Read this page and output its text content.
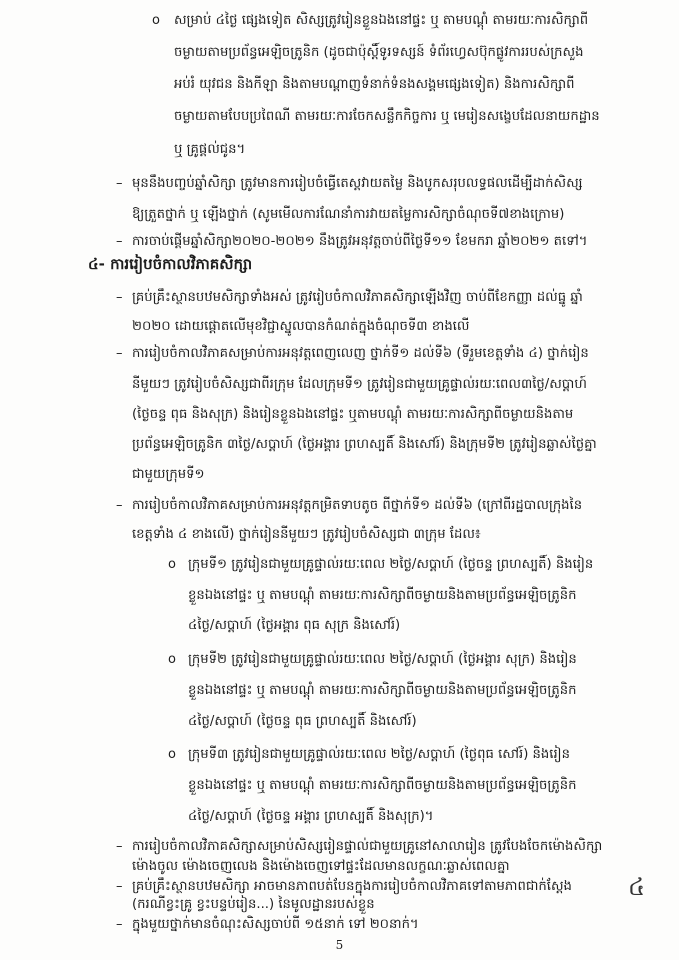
o សម្រាប់ ៤ថ្ងៃ ផ្សេងទៀត សិស្សត្រូវរៀនខ្លួនឯងនៅផ្ទះ ឬ តាមបណ្ដុំ តាមរយៈការសិក្សាពី
ចម្ងាយតាមប្រព័ន្ធអេឡិចត្រូនិក (ដូចជាប៉ុស្ដិ៍ទូរទស្សន៍ ទំព័រហ្វេសប៊ុកផ្លូវការរបស់ក្រសួង
អប់រំ យុវជន និងកីឡា និងតាមបណ្ដាញទំនាក់ទំនងសង្គមផ្សេងទៀត) និងការសិក្សាពី
ចម្ងាយតាមបែបប្រពៃណី តាមរយៈការចែកសន្លឹកកិច្ចការ ឬ មេរៀនសង្ខេបដែលនាយកដ្ឋាន
ឬ គ្រូផ្ដល់ជូន។
– មុននឹងបញ្ចប់ឆ្នាំសិក្សា ត្រូវមានការរៀបចំធ្វើតេស្ដវាយតម្លៃ និងបូកសរុបលទ្ធផលដើម្បីដាក់សិស្ស
ឱ្យត្រួតថ្នាក់ ឬ ឡើងថ្នាក់ (សូមមើលការណែនាំការវាយតម្លៃការសិក្សាចំណុចទី៧ខាងក្រោម)
– ការចាប់ផ្ដើមឆ្នាំសិក្សា២០២០-២០២១ នឹងត្រូវអនុវត្តចាប់ពីថ្ងៃទី១១ ខែមករា ឆ្នាំ២០២១ តទៅ។
៤- ការរៀបចំកាលវិភាគសិក្សា
– គ្រប់គ្រឹះស្ថានបឋមសិក្សាទាំងអស់ ត្រូវរៀបចំកាលវិភាគសិក្សាឡើងវិញ ចាប់ពីខែកញ្ញា ដល់ធ្នូ ឆ្នាំ
២០២០ ដោយផ្ដោតលើមុខវិជ្ជាស្នូលបានកំណត់ក្នុងចំណុចទី៣ ខាងលើ
– ការរៀបចំកាលវិភាគសម្រាប់ការអនុវត្តពេញលេញ ថ្នាក់ទី១ ដល់ទី៦ (ទីរួមខេត្តទាំង ៤) ថ្នាក់រៀន
នីមួយៗ ត្រូវរៀបចំសិស្សជាពីរក្រុម ដែលក្រុមទី១ ត្រូវរៀនជាមួយគ្រូផ្ទាល់រយៈពេល៣ថ្ងៃ/សប្ដាហ៍
(ថ្ងៃចន្ទ ពុធ និងសុក្រ) និងរៀនខ្លួនឯងនៅផ្ទះ ឬតាមបណ្ដុំ តាមរយៈការសិក្សាពីចម្ងាយនិងតាម
ប្រព័ន្ធអេឡិចត្រូនិក ៣ថ្ងៃ/សប្ដាហ៍ (ថ្ងៃអង្គារ ព្រហស្បតិ៍ និងសៅរ៍) និងក្រុមទី២ ត្រូវរៀនឆ្លាស់ថ្ងៃគ្នា
ជាមួយក្រុមទី១
– ការរៀបចំកាលវិភាគសម្រាប់ការអនុវត្តកម្រិតទាបតូច ពីថ្នាក់ទី១ ដល់ទី៦ (ក្រៅពីរដ្ឋបាលក្រុងនៃ
ខេត្តទាំង ៤ ខាងលើ) ថ្នាក់រៀននីមួយៗ ត្រូវរៀបចំសិស្សជា ៣ក្រុម ដែល៖
o ក្រុមទី១ ត្រូវរៀនជាមួយគ្រូផ្ទាល់រយៈពេល ២ថ្ងៃ/សប្ដាហ៍ (ថ្ងៃចន្ទ ព្រហស្បតិ៍) និងរៀន
ខ្លួនឯងនៅផ្ទះ ឬ តាមបណ្ដុំ តាមរយៈការសិក្សាពីចម្ងាយនិងតាមប្រព័ន្ធអេឡិចត្រូនិក
៤ថ្ងៃ/សប្ដាហ៍ (ថ្ងៃអង្គារ ពុធ សុក្រ និងសៅរ៍)
o ក្រុមទី២ ត្រូវរៀនជាមួយគ្រូផ្ទាល់រយៈពេល ២ថ្ងៃ/សប្ដាហ៍ (ថ្ងៃអង្គារ សុក្រ) និងរៀន
ខ្លួនឯងនៅផ្ទះ ឬ តាមបណ្ដុំ តាមរយៈការសិក្សាពីចម្ងាយនិងតាមប្រព័ន្ធអេឡិចត្រូនិក
៤ថ្ងៃ/សប្ដាហ៍ (ថ្ងៃចន្ទ ពុធ ព្រហស្បតិ៍ និងសៅរ៍)
o ក្រុមទី៣ ត្រូវរៀនជាមួយគ្រូផ្ទាល់រយៈពេល ២ថ្ងៃ/សប្ដាហ៍ (ថ្ងៃពុធ សៅរ៍) និងរៀន
ខ្លួនឯងនៅផ្ទះ ឬ តាមបណ្ដុំ តាមរយៈការសិក្សាពីចម្ងាយនិងតាមប្រព័ន្ធអេឡិចត្រូនិក
៤ថ្ងៃ/សប្ដាហ៍ (ថ្ងៃចន្ទ អង្គារ ព្រហស្បតិ៍ និងសុក្រ)។
– ការរៀបចំកាលវិភាគសិក្សាសម្រាប់សិស្សរៀនផ្ទាល់ជាមួយគ្រូនៅសាលារៀន ត្រូវបែងចែកម៉ោងសិក្សា
ម៉ោងចូល ម៉ោងចេញលេង និងម៉ោងចេញទៅផ្ទះដែលមានលក្ខណៈឆ្លាស់ពេលគ្នា
– គ្រប់គ្រឹះស្ថានបឋមសិក្សា អាចមានភាពបត់បែនក្នុងការរៀបចំកាលវិភាគទៅតាមភាពជាក់ស្ដែង
(ករណីខ្វះគ្រូ ខ្វះបន្ទប់រៀន...) នៃមូលដ្ឋានរបស់ខ្លួន
– ក្នុងមួយថ្នាក់មានចំណុះសិស្សចាប់ពី ១៥នាក់ ទៅ ២០នាក់។
៤
5
